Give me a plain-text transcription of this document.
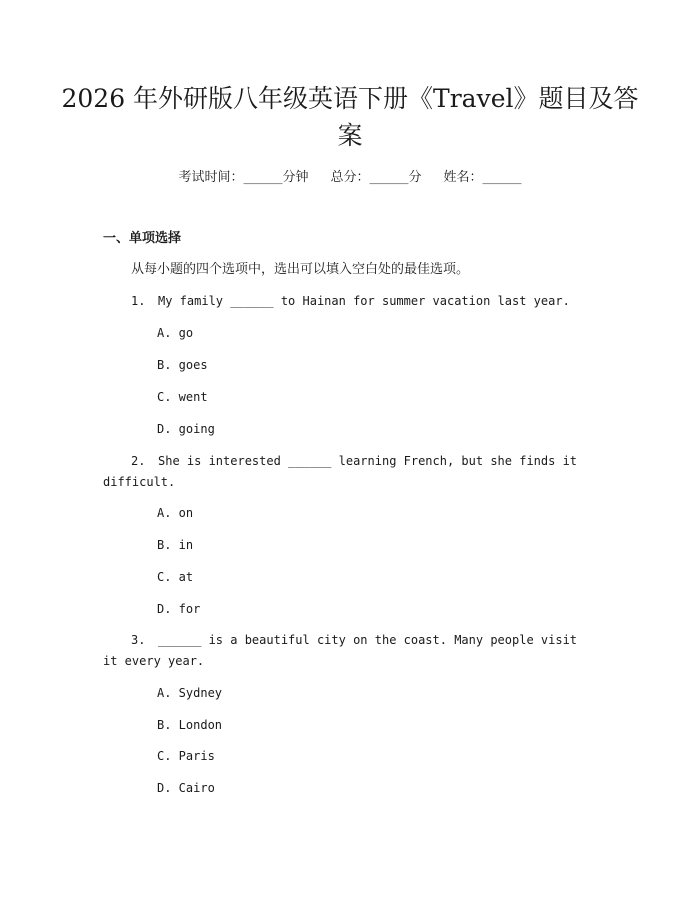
2026 年外研版八年级英语下册《Travel》题目及答案
考试时间：______分钟 总分：______分 姓名：______
一、单项选择
从每小题的四个选项中，选出可以填入空白处的最佳选项。
1. My family ______ to Hainan for summer vacation last year.
A. go
B. goes
C. went
D. going
2. She is interested ______ learning French, but she finds it difficult.
A. on
B. in
C. at
D. for
3. ______ is a beautiful city on the coast. Many people visit it every year.
A. Sydney
B. London
C. Paris
D. Cairo
